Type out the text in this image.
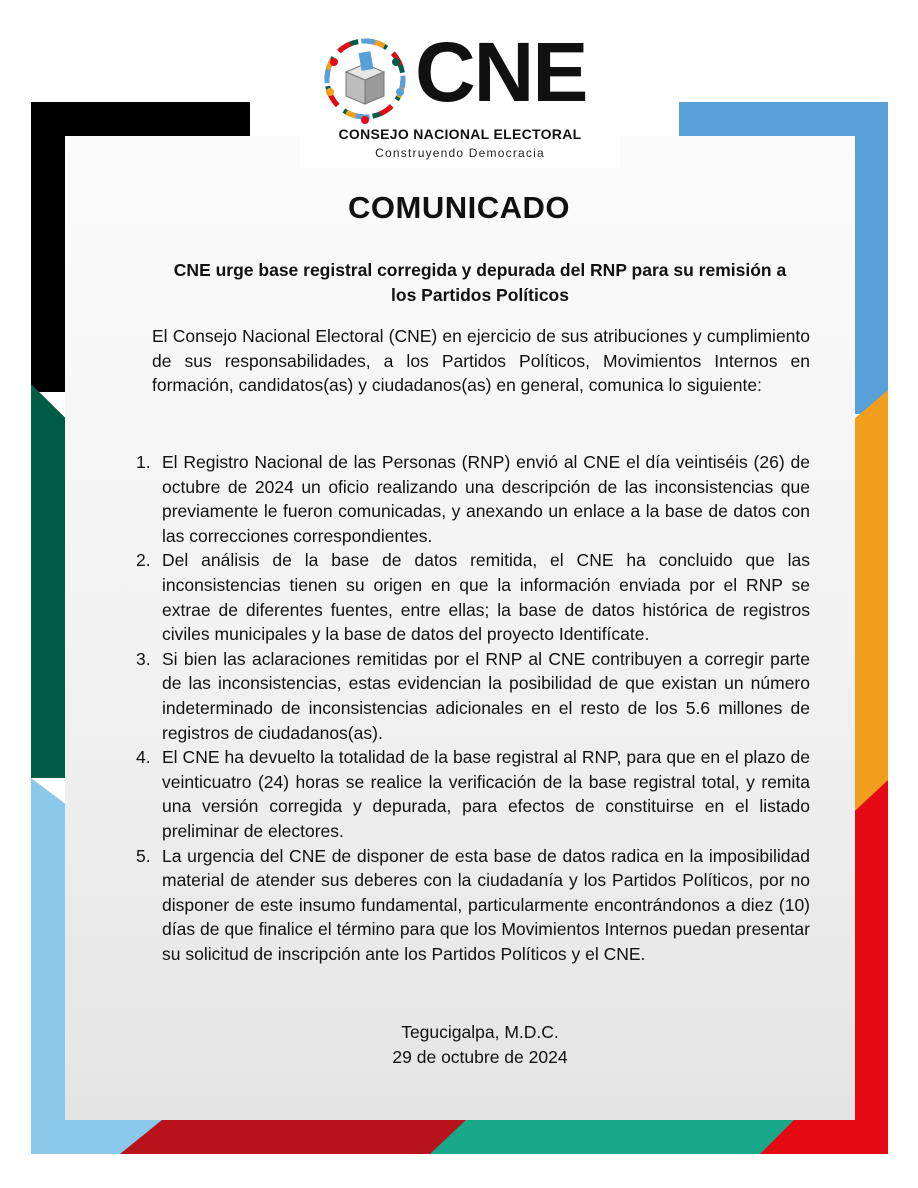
CNE
CONSEJO NACIONAL ELECTORAL
Construyendo Democracia
COMUNICADO
CNE urge base registral corregida y depurada del RNP para su remisión a
los Partidos Políticos
El Consejo Nacional Electoral (CNE) en ejercicio de sus atribuciones y cumplimiento de sus responsabilidades, a los Partidos Políticos, Movimientos Internos en formación, candidatos(as) y ciudadanos(as) en general, comunica lo siguiente:
1. El Registro Nacional de las Personas (RNP) envió al CNE el día veintiséis (26) de octubre de 2024 un oficio realizando una descripción de las inconsistencias que previamente le fueron comunicadas, y anexando un enlace a la base de datos con las correcciones correspondientes.
2. Del análisis de la base de datos remitida, el CNE ha concluido que las inconsistencias tienen su origen en que la información enviada por el RNP se extrae de diferentes fuentes, entre ellas; la base de datos histórica de registros civiles municipales y la base de datos del proyecto Identifícate.
3. Si bien las aclaraciones remitidas por el RNP al CNE contribuyen a corregir parte de las inconsistencias, estas evidencian la posibilidad de que existan un número indeterminado de inconsistencias adicionales en el resto de los 5.6 millones de registros de ciudadanos(as).
4. El CNE ha devuelto la totalidad de la base registral al RNP, para que en el plazo de veinticuatro (24) horas se realice la verificación de la base registral total, y remita una versión corregida y depurada, para efectos de constituirse en el listado preliminar de electores.
5. La urgencia del CNE de disponer de esta base de datos radica en la imposibilidad material de atender sus deberes con la ciudadanía y los Partidos Políticos, por no disponer de este insumo fundamental, particularmente encontrándonos a diez (10) días de que finalice el término para que los Movimientos Internos puedan presentar su solicitud de inscripción ante los Partidos Políticos y el CNE.
Tegucigalpa, M.D.C.
29 de octubre de 2024
